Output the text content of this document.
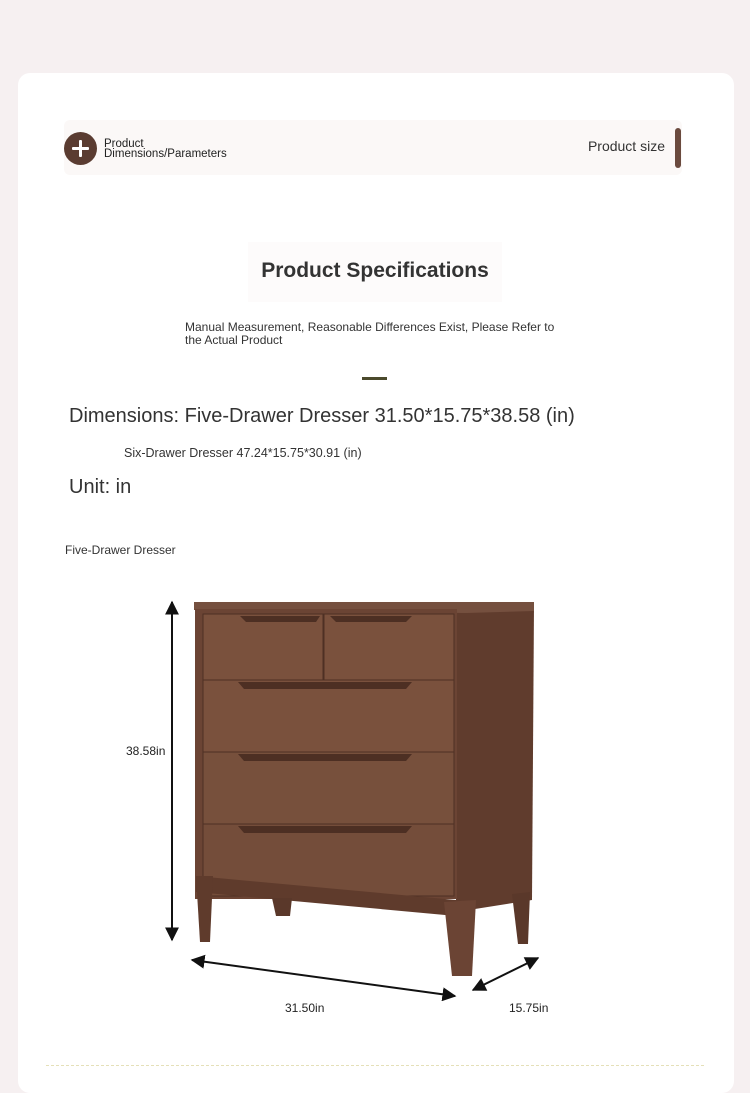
Product
Dimensions/Parameters	Product size
Product Specifications
Manual Measurement, Reasonable Differences Exist, Please Refer to the Actual Product
Dimensions: Five-Drawer Dresser 31.50*15.75*38.58 (in)
Six-Drawer Dresser 47.24*15.75*30.91 (in)
Unit: in
Five-Drawer Dresser
38.58in
31.50in	15.75in
